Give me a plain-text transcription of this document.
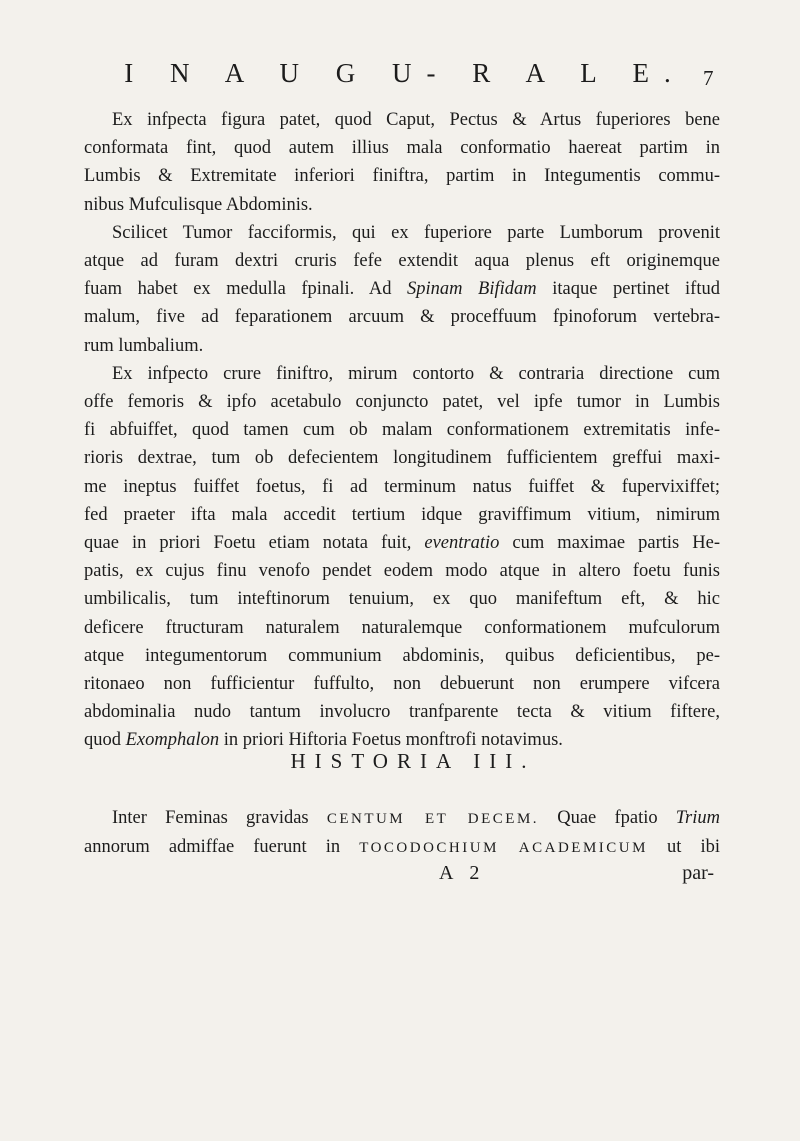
I N A U G U- R A L E. 7
Ex infpecta figura patet, quod Caput, Pectus & Artus fuperiores bene
conformata fint, quod autem illius mala conformatio haereat partim in
Lumbis & Extremitate inferiori finiftra, partim in Integumentis commu-
nibus Mufculisque Abdominis.
Scilicet Tumor facciformis, qui ex fuperiore parte Lumborum provenit
atque ad furam dextri cruris fefe extendit aqua plenus eft originemque
fuam habet ex medulla fpinali. Ad Spinam Bifidam itaque pertinet iftud
malum, five ad feparationem arcuum & proceffuum fpinoforum vertebra-
rum lumbalium.
Ex infpecto crure finiftro, mirum contorto & contraria directione cum
offe femoris & ipfo acetabulo conjuncto patet, vel ipfe tumor in Lumbis
fi abfuiffet, quod tamen cum ob malam conformationem extremitatis infe-
rioris dextrae, tum ob defecientem longitudinem fufficientem greffui maxi-
me ineptus fuiffet foetus, fi ad terminum natus fuiffet & fupervixiffet;
fed praeter ifta mala accedit tertium idque graviffimum vitium, nimirum
quae in priori Foetu etiam notata fuit, eventratio cum maximae partis He-
patis, ex cujus finu venofo pendet eodem modo atque in altero foetu funis
umbilicalis, tum inteftinorum tenuium, ex quo manifeftum eft, & hic
deficere ftructuram naturalem naturalemque conformationem mufculorum
atque integumentorum communium abdominis, quibus deficientibus, pe-
ritonaeo non fufficientur fuffulto, non debuerunt non erumpere vifcera
abdominalia nudo tantum involucro tranfparente tecta & vitium fiftere,
quod Exomphalon in priori Hiftoria Foetus monftrofi notavimus.
HISTORIA III.
Inter Feminas gravidas CENTUM ET DECEM. Quae fpatio Trium
annorum admiffae fuerunt in TOCODOCHIUM ACADEMICUM ut ibi
A 2	par-
